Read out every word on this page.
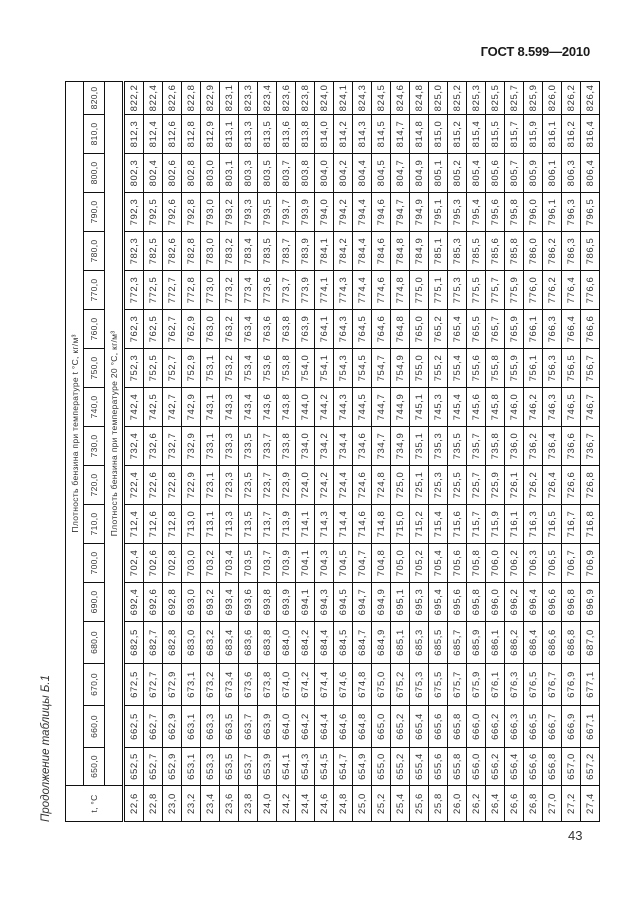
ГОСТ 8.599—2010
Продолжение таблицы Б.1	t, °C	Плотность бензина при температуре t °C, кг/м³																	
	650,0	660,0	670,0	680,0	690,0	700,0	710,0	720,0	730,0	740,0	750,0	760,0	770,0	780,0	790,0	800,0	810,0	820,0
	Плотность бензина при температуре 20 °C, кг/м³																	
22,6	652,5	662,5	672,5	682,5	692,4	702,4	712,4	722,4	732,4	742,4	752,3	762,3	772,3	782,3	792,3	802,3	812,3	822,2
22,8	652,7	662,7	672,7	682,7	692,6	702,6	712,6	722,6	732,6	742,5	752,5	762,5	772,5	782,5	792,5	802,4	812,4	822,4
23,0	652,9	662,9	672,9	682,8	692,8	702,8	712,8	722,8	732,7	742,7	752,7	762,7	772,7	782,6	792,6	802,6	812,6	822,6
23,2	653,1	663,1	673,1	683,0	693,0	703,0	713,0	722,9	732,9	742,9	752,9	762,9	772,8	782,8	792,8	802,8	812,8	822,8
23,4	653,3	663,3	673,2	683,2	693,2	703,2	713,1	723,1	733,1	743,1	753,1	763,0	773,0	783,0	793,0	803,0	812,9	822,9
23,6	653,5	663,5	673,4	683,4	693,4	703,4	713,3	723,3	733,3	743,3	753,2	763,2	773,2	783,2	793,2	803,1	813,1	823,1
23,8	653,7	663,7	673,6	683,6	693,6	703,5	713,5	723,5	733,5	743,4	753,4	763,4	773,4	783,4	793,3	803,3	813,3	823,3
24,0	653,9	663,9	673,8	683,8	693,8	703,7	713,7	723,7	733,7	743,6	753,6	763,6	773,6	783,5	793,5	803,5	813,5	823,4
24,2	654,1	664,0	674,0	684,0	693,9	703,9	713,9	723,9	733,8	743,8	753,8	763,8	773,7	783,7	793,7	803,7	813,6	823,6
24,4	654,3	664,2	674,2	684,2	694,1	704,1	714,1	724,0	734,0	744,0	754,0	763,9	773,9	783,9	793,9	803,8	813,8	823,8
24,6	654,5	664,4	674,4	684,4	694,3	704,3	714,3	724,2	734,2	744,2	754,1	764,1	774,1	784,1	794,0	804,0	814,0	824,0
24,8	654,7	664,6	674,6	684,5	694,5	704,5	714,4	724,4	734,4	744,3	754,3	764,3	774,3	784,2	794,2	804,2	814,2	824,1
25,0	654,9	664,8	674,8	684,7	694,7	704,7	714,6	724,6	734,6	744,5	754,5	764,5	774,4	784,4	794,4	804,4	814,3	824,3
25,2	655,0	665,0	675,0	684,9	694,9	704,8	714,8	724,8	734,7	744,7	754,7	764,6	774,6	784,6	794,6	804,5	814,5	824,5
25,4	655,2	665,2	675,2	685,1	695,1	705,0	715,0	725,0	734,9	744,9	754,9	764,8	774,8	784,8	794,7	804,7	814,7	824,6
25,6	655,4	665,4	675,3	685,3	695,3	705,2	715,2	725,1	735,1	745,1	755,0	765,0	775,0	784,9	794,9	804,9	814,8	824,8
25,8	655,6	665,6	675,5	685,5	695,4	705,4	715,4	725,3	735,3	745,3	755,2	765,2	775,1	785,1	795,1	805,1	815,0	825,0
26,0	655,8	665,8	675,7	685,7	695,6	705,6	715,6	725,5	735,5	745,4	755,4	765,4	775,3	785,3	795,3	805,2	815,2	825,2
26,2	656,0	666,0	675,9	685,9	695,8	705,8	715,7	725,7	735,7	745,6	755,6	765,5	775,5	785,5	795,4	805,4	815,4	825,3
26,4	656,2	666,2	676,1	686,1	696,0	706,0	715,9	725,9	735,8	745,8	755,8	765,7	775,7	785,6	795,6	805,6	815,5	825,5
26,6	656,4	666,3	676,3	686,2	696,2	706,2	716,1	726,1	736,0	746,0	755,9	765,9	775,9	785,8	795,8	805,7	815,7	825,7
26,8	656,6	666,5	676,5	686,4	696,4	706,3	716,3	726,2	736,2	746,2	756,1	766,1	776,0	786,0	796,0	805,9	815,9	825,9
27,0	656,8	666,7	676,7	686,6	696,6	706,5	716,5	726,4	736,4	746,3	756,3	766,3	776,2	786,2	796,1	806,1	816,1	826,0
27,2	657,0	666,9	676,9	686,8	696,8	706,7	716,7	726,6	736,6	746,5	756,5	766,4	776,4	786,3	796,3	806,3	816,2	826,2
27,4	657,2	667,1	677,1	687,0	696,9	706,9	716,8	726,8	736,7	746,7	756,7	766,6	776,6	786,5	796,5	806,4	816,4	826,4
43
